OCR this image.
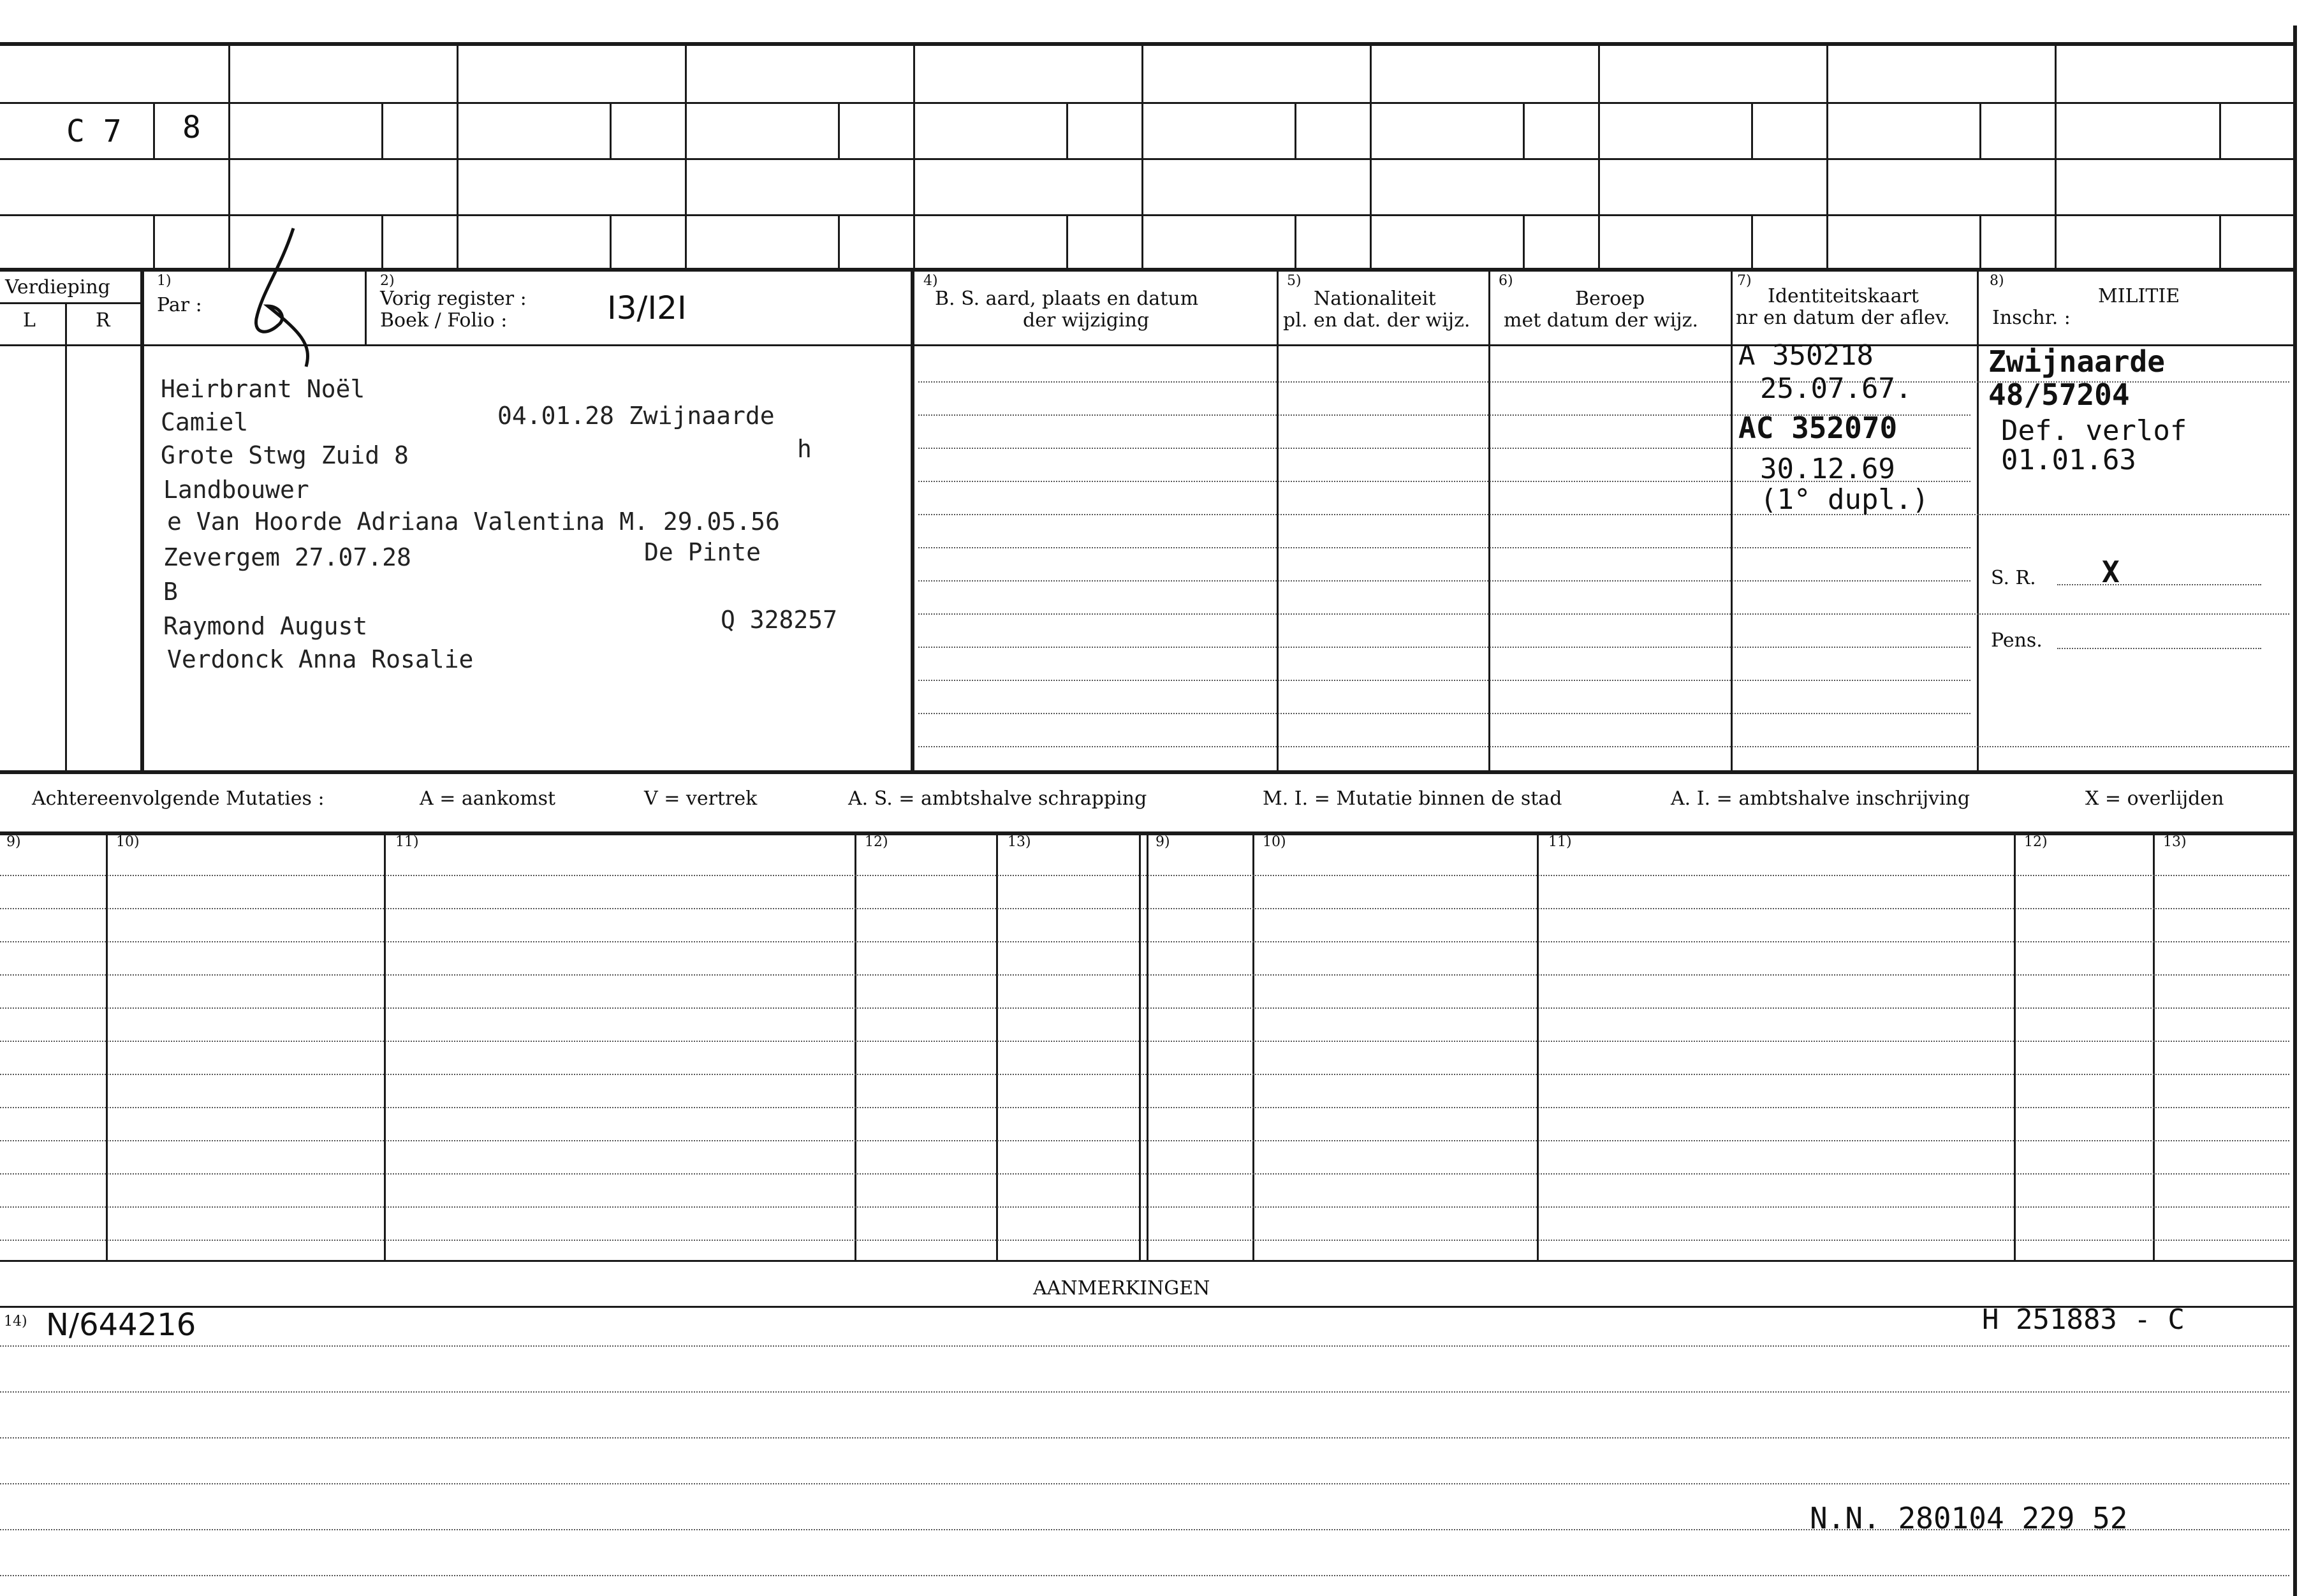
C 7 8
Verdieping
L	R
1)
Par :
2)
Vorig register :
Boek / Folio :	I3/I2I
4)
B. S. aard, plaats en datum
der wijziging
5)
Nationaliteit
pl. en dat. der wijz.
6)
Beroep
met datum der wijz.
7)
Identiteitskaart
nr en datum der aflev.
8)
MILITIE
Inschr. :
Heirbrant Noël
Camiel	04.01.28 Zwijnaarde
Grote Stwg Zuid 8	h
Landbouwer
e Van Hoorde Adriana Valentina M. 29.05.56
Zevergem 27.07.28	De Pinte
B
Raymond August	Q 328257
Verdonck Anna Rosalie
A 350218
25.07.67.
AC 352070
30.12.69
(1° dupl.)
Zwijnaarde
48/57204
Def. verlof
01.01.63
S. R. X
Pens.
Achtereenvolgende Mutaties :	A = aankomst	V = vertrek	A. S. = ambtshalve schrapping	M. I. = Mutatie binnen de stad	A. I. = ambtshalve inschrijving	X = overlijden
9)	10)	11)	12)	13)	9)	10)	11)	12)	13)
AANMERKINGEN
14) N/644216	H 251883 - C
N.N. 280104 229 52
